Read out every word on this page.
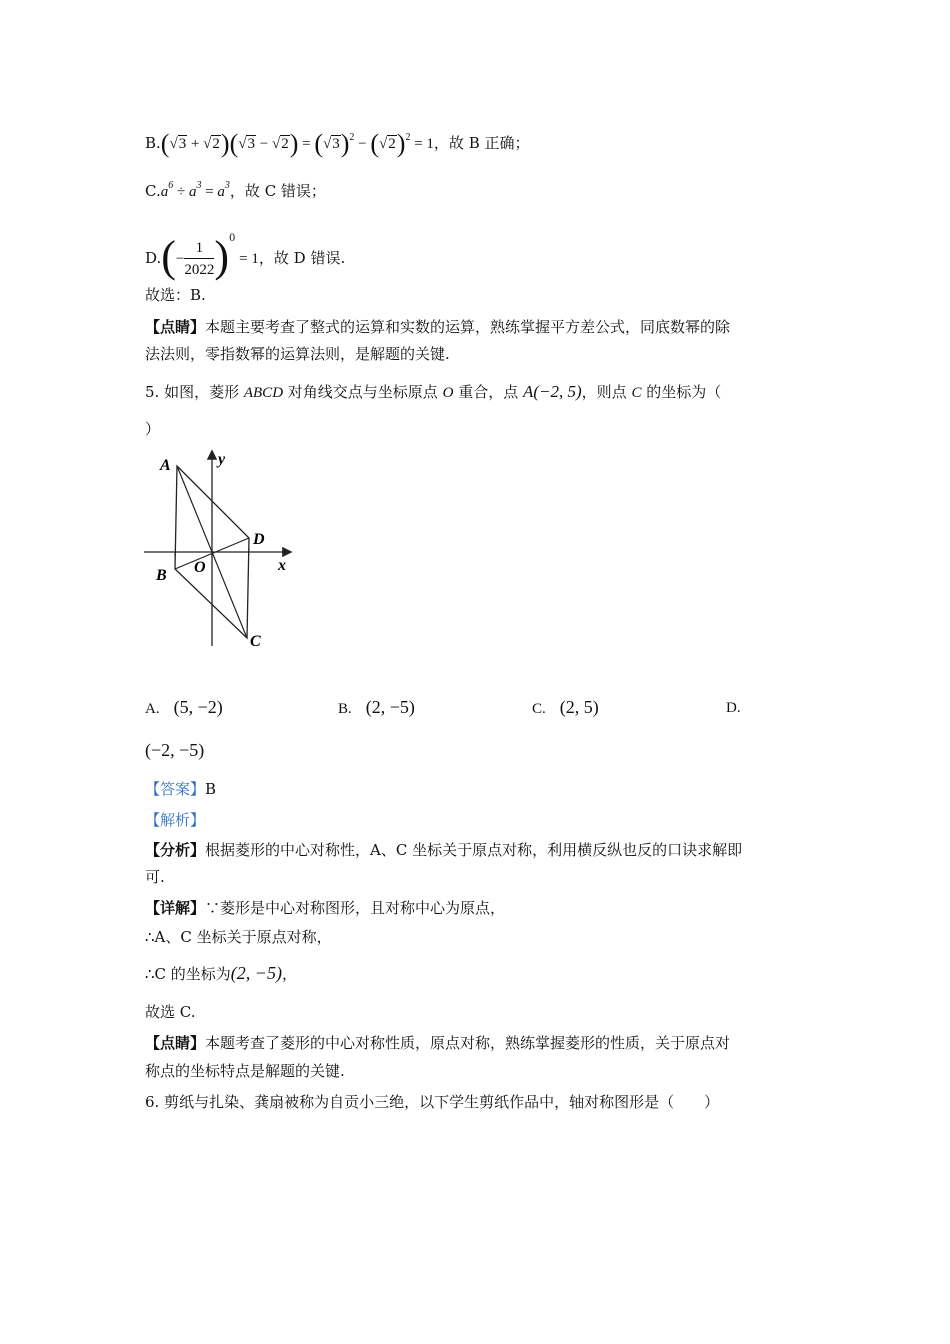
$B.(√3 + √2)(√3 - √2) = (√3)^2 - (√2)^2 = 1$，故 B 正确；
$C.a^6 \div a^3 = a^3$，故 C 错误；
$D.(- \frac{1}{2022} )^0 = 1$，故 D 错误.
故选：B.
【点睛】本题主要考查了整式的运算和实数的运算，熟练掌握平方差公式，同底数幂的除
法法则，零指数幂的运算法则，是解题的关键.
5. 如图，菱形 ABCD 对角线交点与坐标原点 O 重合，点 A(−2, 5)，则点 C 的坐标为（
）
A	y
D
O	x
B
C
A. (5, −2)	B. (2, −5)	C. (2, 5)	D.
(−2, −5)
【答案】B
【解析】
【分析】根据菱形的中心对称性，A、C 坐标关于原点对称，利用横反纵也反的口诀求解即
可.
【详解】∵菱形是中心对称图形，且对称中心为原点，
∴A、C 坐标关于原点对称，
∴C 的坐标为(2, −5)，
故选 C.
【点睛】本题考查了菱形的中心对称性质，原点对称，熟练掌握菱形的性质，关于原点对
称点的坐标特点是解题的关键.
6. 剪纸与扎染、龚扇被称为自贡小三绝，以下学生剪纸作品中，轴对称图形是（　　）
